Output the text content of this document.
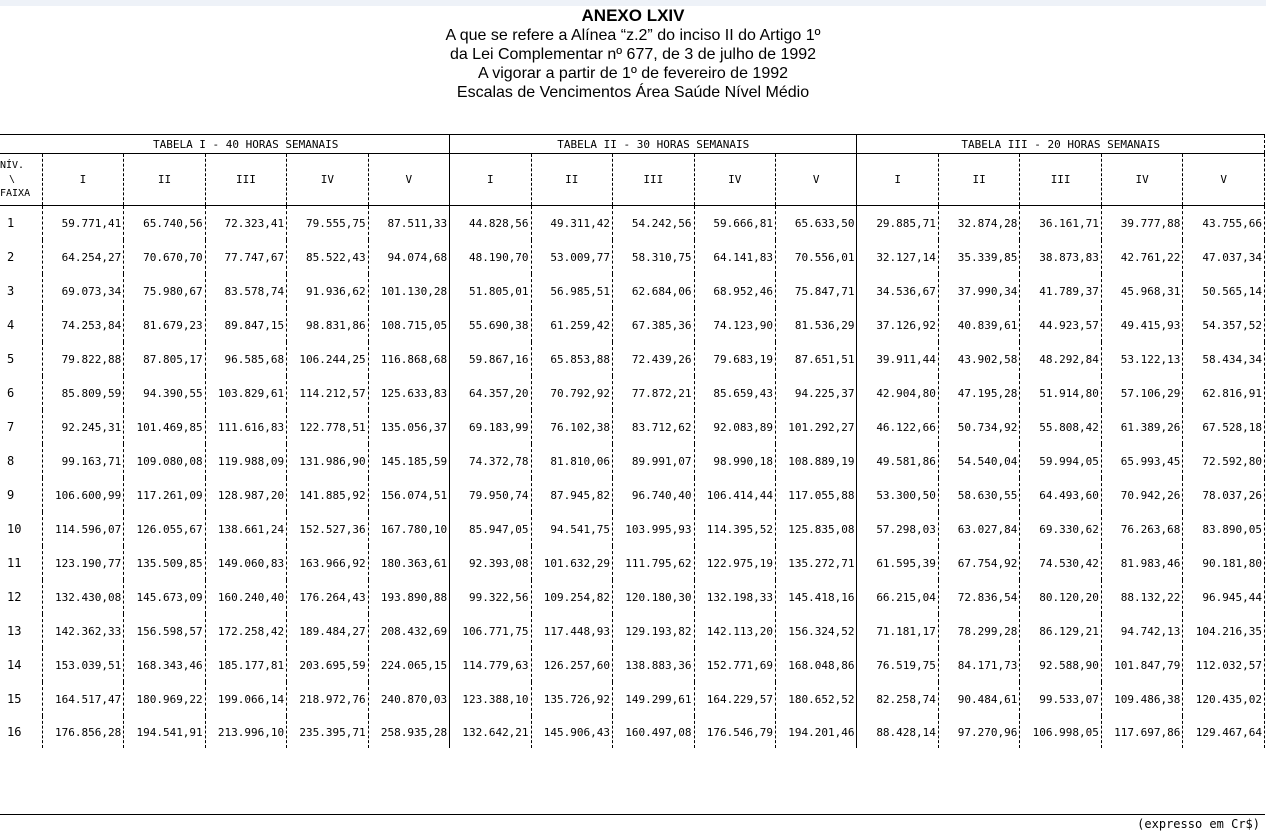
ANEXO LXIV
A que se refere a Alínea “z.2” do inciso II do Artigo 1º
da Lei Complementar nº 677, de 3 de julho de 1992
A vigorar a partir de 1º de fevereiro de 1992
Escalas de Vencimentos Área Saúde Nível Médio
	TABELA I - 40 HORAS SEMANAIS					TABELA II - 30 HORAS SEMANAIS					TABELA III - 20 HORAS SEMANAIS				

NÍV.
\
FAIXA	I	II	III	IV	V	I	II	III	IV	V	I	II	III	IV	V
1	59.771,41	65.740,56	72.323,41	79.555,75	87.511,33	44.828,56	49.311,42	54.242,56	59.666,81	65.633,50	29.885,71	32.874,28	36.161,71	39.777,88	43.755,66
2	64.254,27	70.670,70	77.747,67	85.522,43	94.074,68	48.190,70	53.009,77	58.310,75	64.141,83	70.556,01	32.127,14	35.339,85	38.873,83	42.761,22	47.037,34
3	69.073,34	75.980,67	83.578,74	91.936,62	101.130,28	51.805,01	56.985,51	62.684,06	68.952,46	75.847,71	34.536,67	37.990,34	41.789,37	45.968,31	50.565,14
4	74.253,84	81.679,23	89.847,15	98.831,86	108.715,05	55.690,38	61.259,42	67.385,36	74.123,90	81.536,29	37.126,92	40.839,61	44.923,57	49.415,93	54.357,52
5	79.822,88	87.805,17	96.585,68	106.244,25	116.868,68	59.867,16	65.853,88	72.439,26	79.683,19	87.651,51	39.911,44	43.902,58	48.292,84	53.122,13	58.434,34
6	85.809,59	94.390,55	103.829,61	114.212,57	125.633,83	64.357,20	70.792,92	77.872,21	85.659,43	94.225,37	42.904,80	47.195,28	51.914,80	57.106,29	62.816,91
7	92.245,31	101.469,85	111.616,83	122.778,51	135.056,37	69.183,99	76.102,38	83.712,62	92.083,89	101.292,27	46.122,66	50.734,92	55.808,42	61.389,26	67.528,18
8	99.163,71	109.080,08	119.988,09	131.986,90	145.185,59	74.372,78	81.810,06	89.991,07	98.990,18	108.889,19	49.581,86	54.540,04	59.994,05	65.993,45	72.592,80
9	106.600,99	117.261,09	128.987,20	141.885,92	156.074,51	79.950,74	87.945,82	96.740,40	106.414,44	117.055,88	53.300,50	58.630,55	64.493,60	70.942,26	78.037,26
10	114.596,07	126.055,67	138.661,24	152.527,36	167.780,10	85.947,05	94.541,75	103.995,93	114.395,52	125.835,08	57.298,03	63.027,84	69.330,62	76.263,68	83.890,05
11	123.190,77	135.509,85	149.060,83	163.966,92	180.363,61	92.393,08	101.632,29	111.795,62	122.975,19	135.272,71	61.595,39	67.754,92	74.530,42	81.983,46	90.181,80
12	132.430,08	145.673,09	160.240,40	176.264,43	193.890,88	99.322,56	109.254,82	120.180,30	132.198,33	145.418,16	66.215,04	72.836,54	80.120,20	88.132,22	96.945,44
13	142.362,33	156.598,57	172.258,42	189.484,27	208.432,69	106.771,75	117.448,93	129.193,82	142.113,20	156.324,52	71.181,17	78.299,28	86.129,21	94.742,13	104.216,35
14	153.039,51	168.343,46	185.177,81	203.695,59	224.065,15	114.779,63	126.257,60	138.883,36	152.771,69	168.048,86	76.519,75	84.171,73	92.588,90	101.847,79	112.032,57
15	164.517,47	180.969,22	199.066,14	218.972,76	240.870,03	123.388,10	135.726,92	149.299,61	164.229,57	180.652,52	82.258,74	90.484,61	99.533,07	109.486,38	120.435,02
16	176.856,28	194.541,91	213.996,10	235.395,71	258.935,28	132.642,21	145.906,43	160.497,08	176.546,79	194.201,46	88.428,14	97.270,96	106.998,05	117.697,86	129.467,64
(expresso em Cr$)
